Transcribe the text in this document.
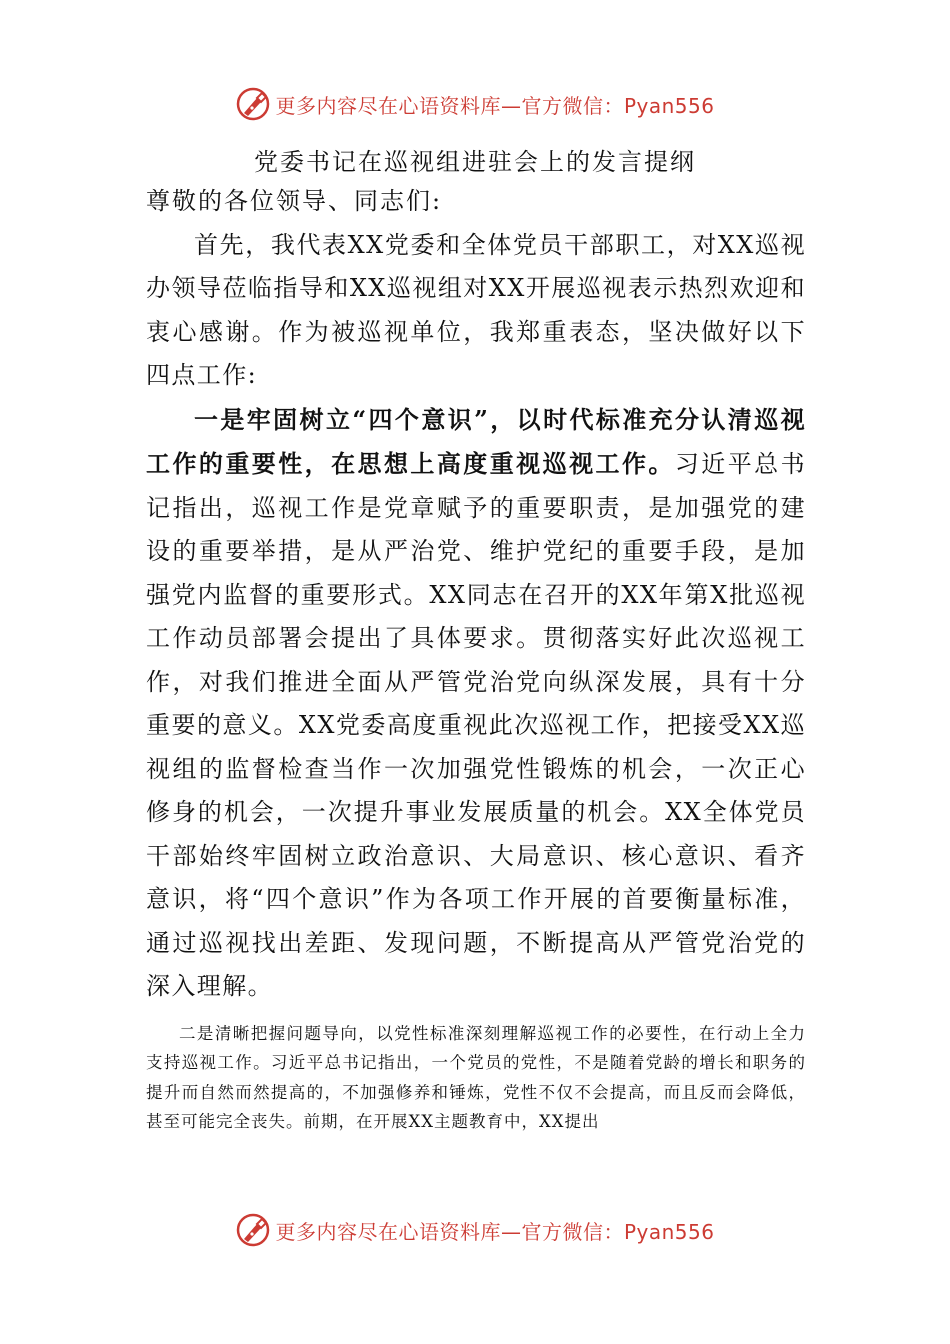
更多内容尽在心语资料库—官方微信：Pyan556
党委书记在巡视组进驻会上的发言提纲

尊敬的各位领导、同志们:

首先，我代表XX党委和全体党员干部职工，对XX巡视办领导莅临指导和XX巡视组对XX开展巡视表示热烈欢迎和衷心感谢。作为被巡视单位，我郑重表态，坚决做好以下四点工作:

一是牢固树立“四个意识”，以时代标准充分认清巡视工作的重要性，在思想上高度重视巡视工作。习近平总书记指出，巡视工作是党章赋予的重要职责，是加强党的建设的重要举措，是从严治党、维护党纪的重要手段，是加强党内监督的重要形式。XX同志在召开的XX年第X批巡视工作动员部署会提出了具体要求。贯彻落实好此次巡视工作，对我们推进全面从严管党治党向纵深发展，具有十分重要的意义。XX党委高度重视此次巡视工作，把接受XX巡视组的监督检查当作一次加强党性锻炼的机会，一次正心修身的机会，一次提升事业发展质量的机会。XX全体党员干部始终牢固树立政治意识、大局意识、核心意识、看齐意识，将“四个意识”作为各项工作开展的首要衡量标准，通过巡视找出差距、发现问题，不断提高从严管党治党的深入理解。

二是清晰把握问题导向，以党性标准深刻理解巡视工作的必要性，在行动上全力支持巡视工作。习近平总书记指出，一个党员的党性，不是随着党龄的增长和职务的提升而自然而然提高的，不加强修养和锤炼，党性不仅不会提高，而且反而会降低，甚至可能完全丧失。前期，在开展XX主题教育中，XX提出

更多内容尽在心语资料库—官方微信：Pyan556
